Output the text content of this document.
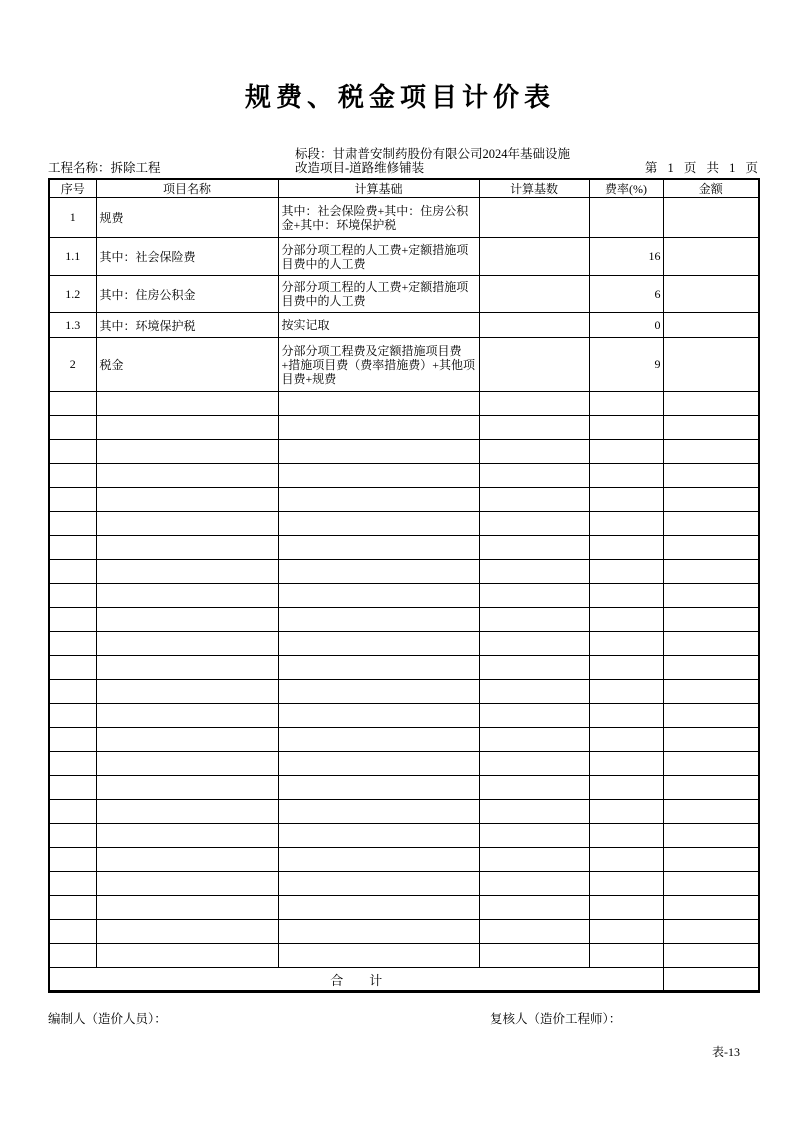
规费、税金项目计价表
工程名称：拆除工程
标段：甘肃普安制药股份有限公司2024年基础设施
改造项目-道路维修铺装	第 1 页 共 1 页
序号	项目名称	计算基础	计算基数	费率(%)	金额
1	规费	其中：社会保险费+其中：住房公积金+其中：环境保护税			
1.1	其中：社会保险费	分部分项工程的人工费+定额措施项目费中的人工费		16	
1.2	其中：住房公积金	分部分项工程的人工费+定额措施项目费中的人工费		6	
1.3	其中：环境保护税	按实记取		0	
2	税金	分部分项工程费及定额措施项目费+措施项目费（费率措施费）+其他项目费+规费		9	

合　　计					
编制人（造价人员）：	复核人（造价工程师）：
表-13
